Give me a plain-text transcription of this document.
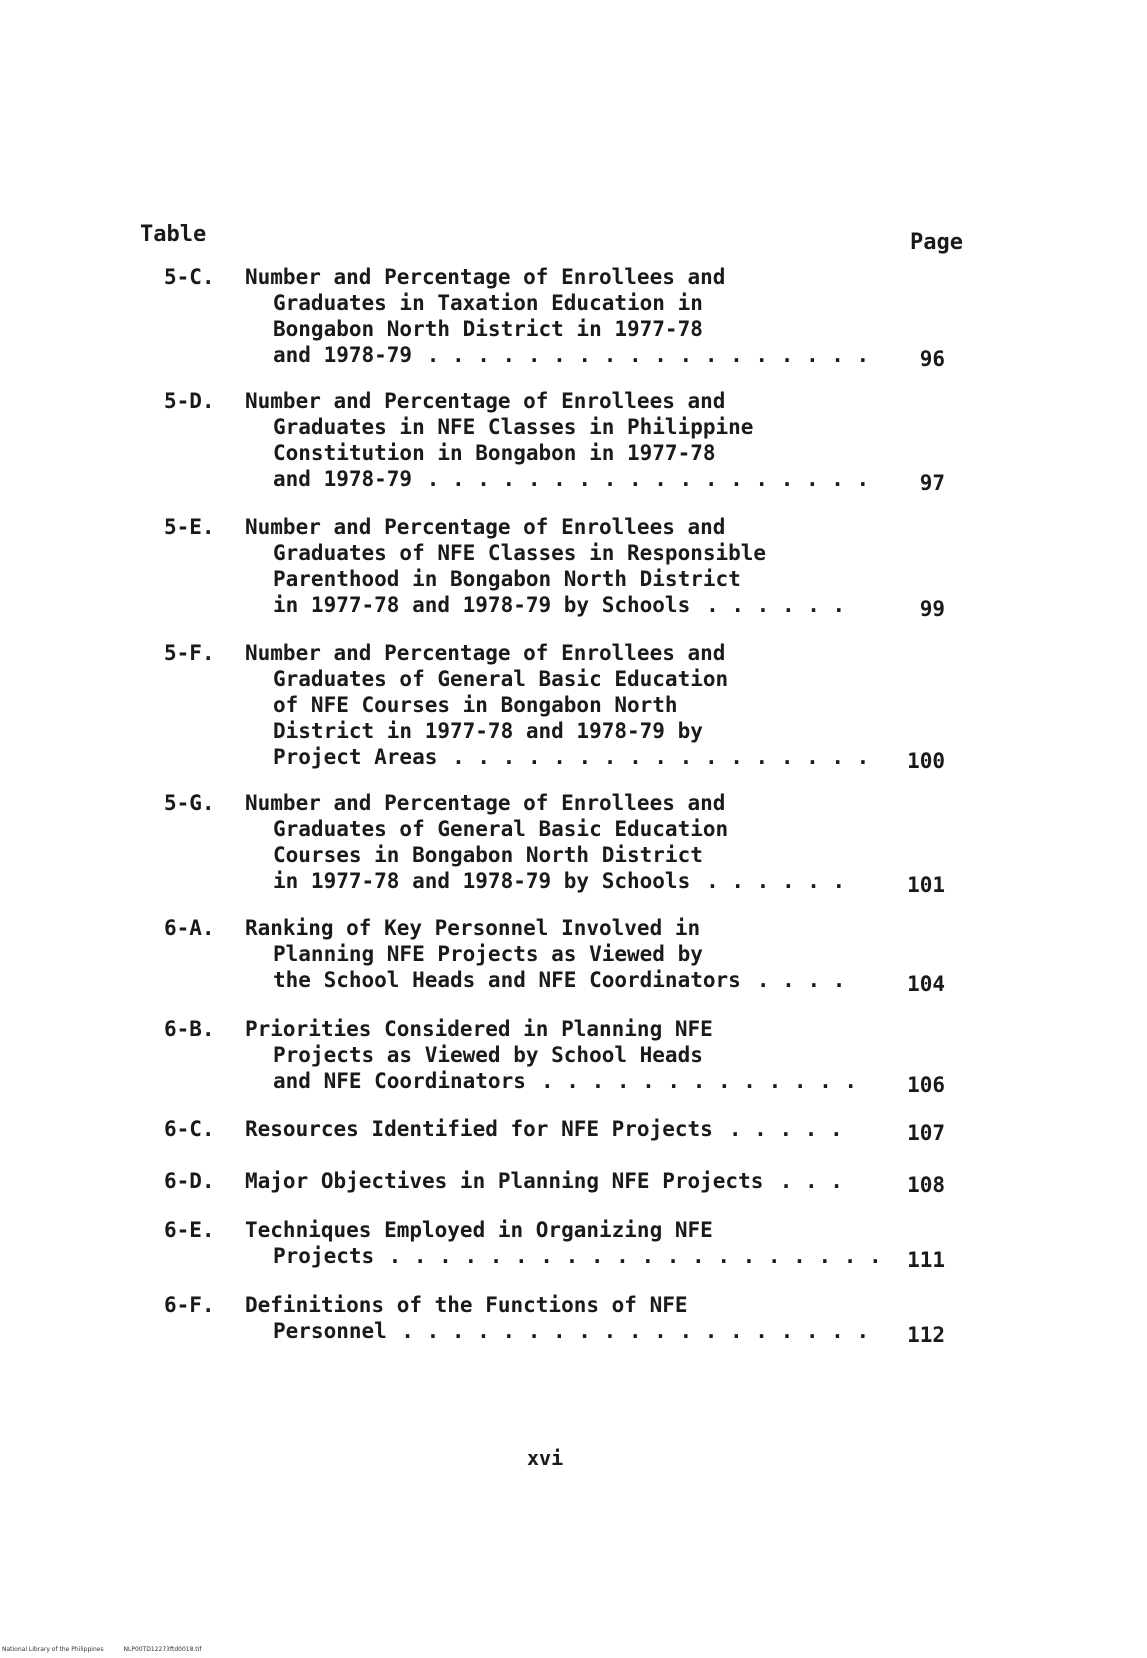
Table	Page
5-C. Number and Percentage of Enrollees and
Graduates in Taxation Education in
Bongabon North District in 1977-78
and 1978-79 . . . . . . . . . . . . . . . . . . 96
5-D. Number and Percentage of Enrollees and
Graduates in NFE Classes in Philippine
Constitution in Bongabon in 1977-78
and 1978-79 . . . . . . . . . . . . . . . . . . 97
5-E. Number and Percentage of Enrollees and
Graduates of NFE Classes in Responsible
Parenthood in Bongabon North District
in 1977-78 and 1978-79 by Schools . . . . . .	99
5-F. Number and Percentage of Enrollees and
Graduates of General Basic Education
of NFE Courses in Bongabon North
District in 1977-78 and 1978-79 by
Project Areas . . . . . . . . . . . . . . . . . 100
5-G. Number and Percentage of Enrollees and
Graduates of General Basic Education
Courses in Bongabon North District
in 1977-78 and 1978-79 by Schools . . . . . .	101
6-A. Ranking of Key Personnel Involved in
Planning NFE Projects as Viewed by
the School Heads and NFE Coordinators . . . .	104
6-B. Priorities Considered in Planning NFE
Projects as Viewed by School Heads
and NFE Coordinators . . . . . . . . . . . . . 106
6-C. Resources Identified for NFE Projects . . . . .	107
6-D. Major Objectives in Planning NFE Projects . . .	108
6-E. Techniques Employed in Organizing NFE
Projects . . . . . . . . . . . . . . . . . . . . 111
6-F. Definitions of the Functions of NFE
Personnel . . . . . . . . . . . . . . . . . . . 112
xvi
National Library of the Philippines	NLP00TD12273ftd0018.tif
